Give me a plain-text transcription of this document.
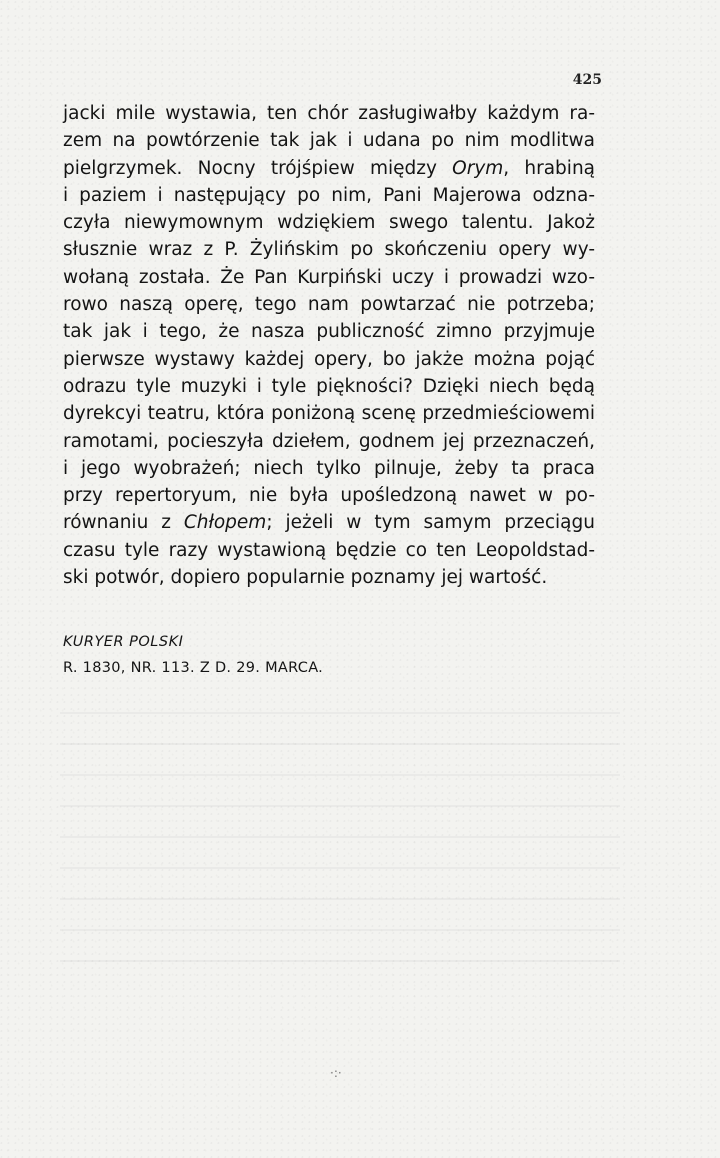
425
jacki mile wystawia, ten chór zasługiwałby każdym ra-
zem na powtórzenie tak jak i udana po nim modlitwa
pielgrzymek. Nocny trójśpiew między Orym, hrabiną
i paziem i następujący po nim, Pani Majerowa odzna-
czyła niewymownym wdziękiem swego talentu. Jakoż
słusznie wraz z P. Żylińskim po skończeniu opery wy-
wołaną została. Że Pan Kurpiński uczy i prowadzi wzo-
rowo naszą operę, tego nam powtarzać nie potrzeba;
tak jak i tego, że nasza publiczność zimno przyjmuje
pierwsze wystawy każdej opery, bo jakże można pojąć
odrazu tyle muzyki i tyle piękności? Dzięki niech będą
dyrekcyi teatru, która poniżoną scenę przedmieściowemi
ramotami, pocieszyła dziełem, godnem jej przeznaczeń,
i jego wyobrażeń; niech tylko pilnuje, żeby ta praca
przy repertoryum, nie była upośledzoną nawet w po-
równaniu z Chłopem; jeżeli w tym samym przeciągu
czasu tyle razy wystawioną będzie co ten Leopoldstad-
ski potwór, dopiero popularnie poznamy jej wartość.
KURYER POLSKI
R. 1830, NR. 113. Z D. 29. MARCA.
·:·
